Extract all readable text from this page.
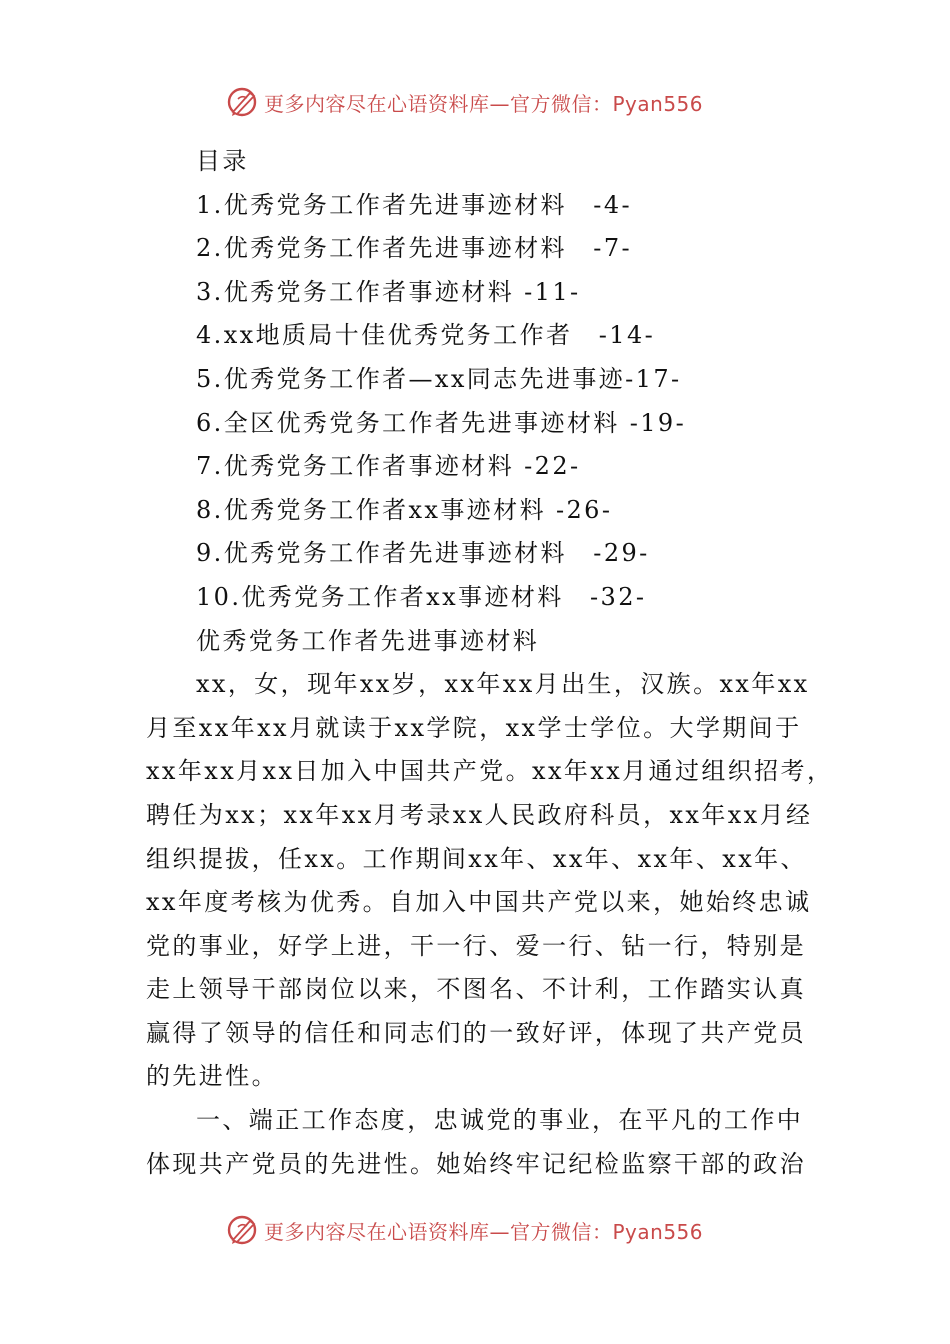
更多内容尽在心语资料库—官方微信：Pyan556
目录
1.优秀党务工作者先进事迹材料 　-4-
2.优秀党务工作者先进事迹材料 　-7-
3.优秀党务工作者事迹材料 -11-
4.xx地质局十佳优秀党务工作者 　-14-
5.优秀党务工作者—xx同志先进事迹 -17-
6.全区优秀党务工作者先进事迹材料 -19-
7.优秀党务工作者事迹材料 -22-
8.优秀党务工作者xx事迹材料 -26-
9.优秀党务工作者先进事迹材料 　-29-
10.优秀党务工作者xx事迹材料 　-32-
优秀党务工作者先进事迹材料
xx，女，现年xx岁，xx年xx月出生，汉族。xx年xx
月至xx年xx月就读于xx学院，xx学士学位。大学期间于
xx年xx月xx日加入中国共产党。xx年xx月通过组织招考，
聘任为xx；xx年xx月考录xx人民政府科员，xx年xx月经
组织提拔，任xx。工作期间xx年、xx年、xx年、xx年、
xx年度考核为优秀。自加入中国共产党以来，她始终忠诚
党的事业，好学上进，干一行、爱一行、钻一行，特别是
走上领导干部岗位以来，不图名、不计利，工作踏实认真
赢得了领导的信任和同志们的一致好评，体现了共产党员
的先进性。
一、端正工作态度，忠诚党的事业，在平凡的工作中
体现共产党员的先进性。她始终牢记纪检监察干部的政治
更多内容尽在心语资料库—官方微信：Pyan556
